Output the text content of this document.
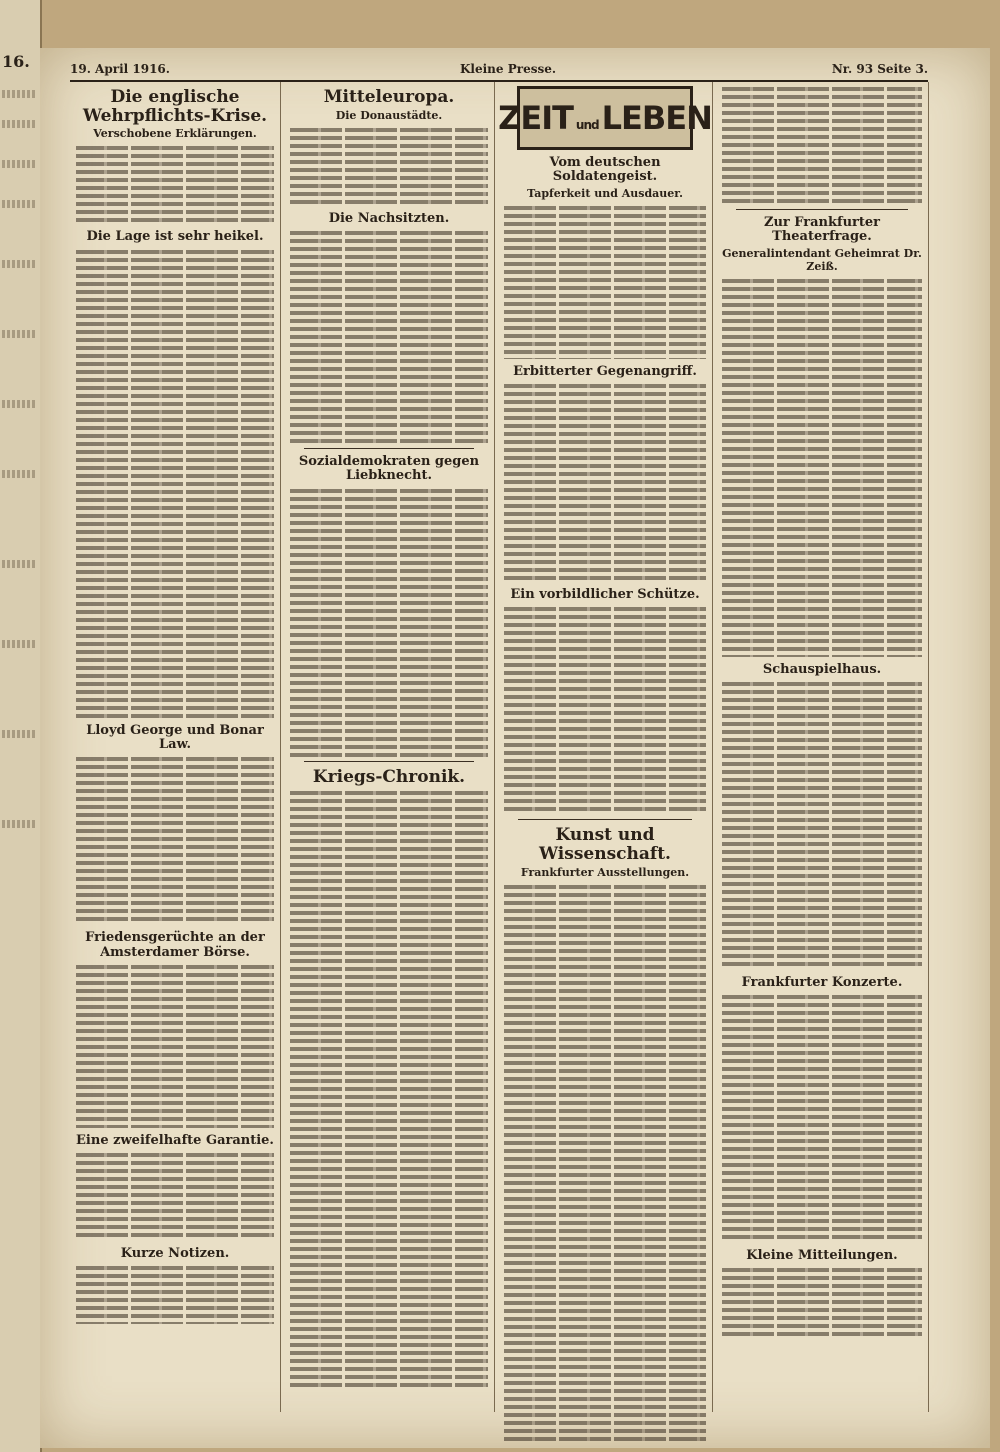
16.	19. April 1916.	Kleine Presse.	Nr. 93 Seite 3.
Die englische Wehrpflichts-Krise.
Verschobene Erklärungen.
Die Lage ist sehr heikel.
Lloyd George und Bonar Law.
Friedensgerüchte an der Amsterdamer Börse.
Eine zweifelhafte Garantie.
Kurze Notizen.
Mitteleuropa.
Die Donaustädte.
Die Nachsitzten.
Sozialdemokraten gegen Liebknecht.
Kriegs-Chronik.
ZEIT und LEBEN
Vom deutschen Soldatengeist.
Tapferkeit und Ausdauer.
Erbitterter Gegenangriff.
Ein vorbildlicher Schütze.
Kunst und Wissenschaft.
Frankfurter Ausstellungen.
Zur Frankfurter Theaterfrage.
Generalintendant Geheimrat Dr. Zeiß.
Schauspielhaus.
Frankfurter Konzerte.
Kleine Mitteilungen.
